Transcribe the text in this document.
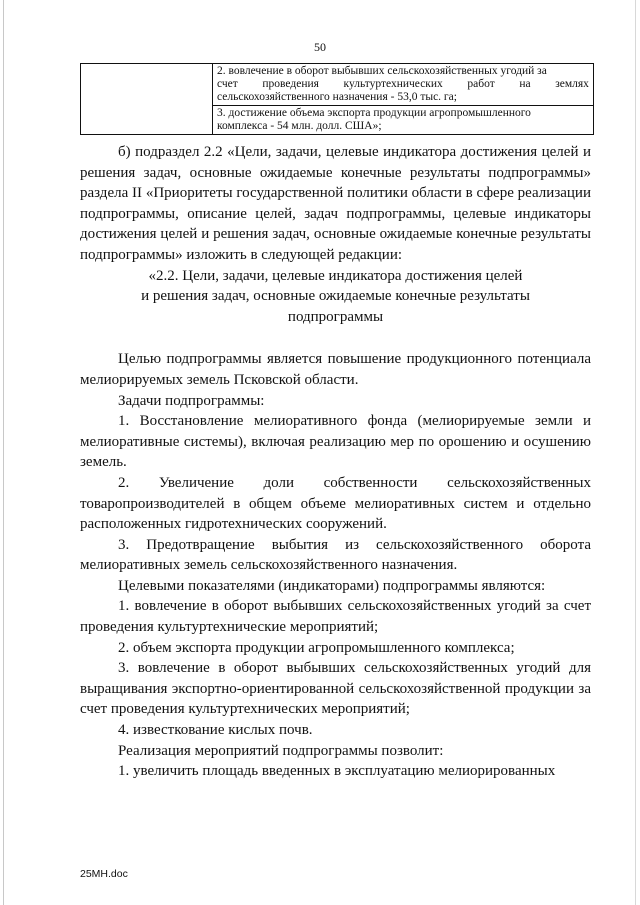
50

2. вовлечение в оборот выбывших сельскохозяйственных угодий за
счет проведения культуртехнических работ на землях
сельскохозяйственного назначения - 53,0 тыс. га;
3. достижение объема экспорта продукции агропромышленного
комплекса - 54 млн. долл. США»;

б) подраздел 2.2 «Цели, задачи, целевые индикатора достижения целей и решения задач, основные ожидаемые конечные результаты подпрограммы» раздела II «Приоритеты государственной политики области в сфере реализации подпрограммы, описание целей, задач подпрограммы, целевые индикаторы достижения целей и решения задач, основные ожидаемые конечные результаты подпрограммы» изложить в следующей редакции:

«2.2. Цели, задачи, целевые индикатора достижения целей

и решения задач, основные ожидаемые конечные результаты

подпрограммы

Целью подпрограммы является повышение продукционного потенциала мелиорируемых земель Псковской области.

Задачи подпрограммы:

1. Восстановление мелиоративного фонда (мелиорируемые земли и мелиоративные системы), включая реализацию мер по орошению и осушению земель.

2. Увеличение доли собственности сельскохозяйственных товаропроизводителей в общем объеме мелиоративных систем и отдельно расположенных гидротехнических сооружений.

3. Предотвращение выбытия из сельскохозяйственного оборота мелиоративных земель сельскохозяйственного назначения.

Целевыми показателями (индикаторами) подпрограммы являются:

1. вовлечение в оборот выбывших сельскохозяйственных угодий за счет проведения культуртехнические мероприятий;

2. объем экспорта продукции агропромышленного комплекса;

3. вовлечение в оборот выбывших сельскохозяйственных угодий для выращивания экспортно-ориентированной сельскохозяйственной продукции за счет проведения культуртехнических мероприятий;

4. известкование кислых почв.

Реализация мероприятий подпрограммы позволит:

1. увеличить площадь введенных в эксплуатацию мелиорированных

25MH.doc
